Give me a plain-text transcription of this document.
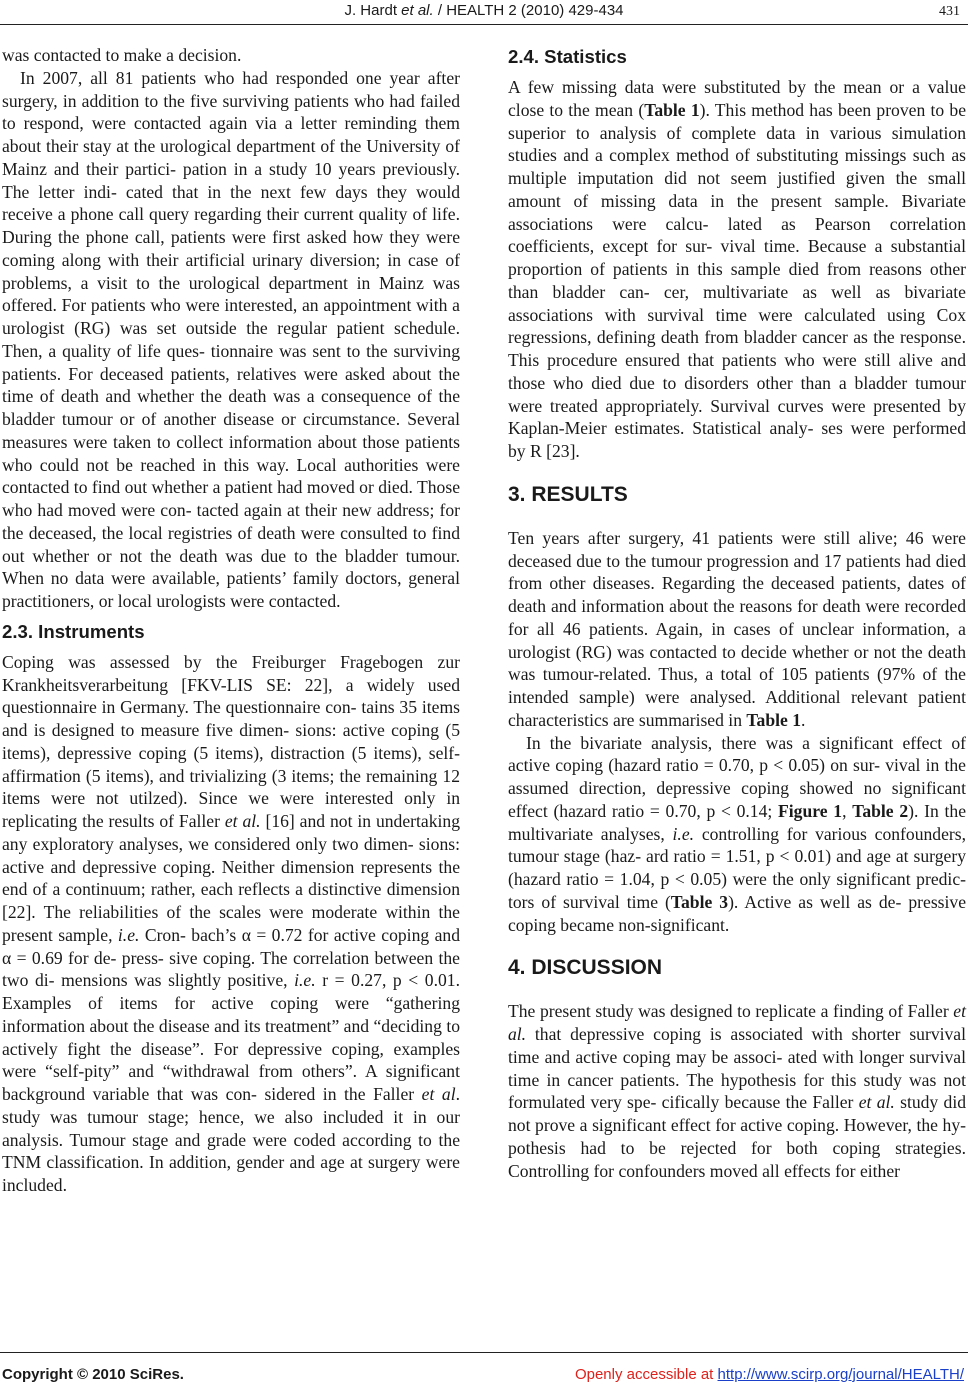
J. Hardt et al. / HEALTH 2 (2010) 429-434	431

was contacted to make a decision.

In 2007, all 81 patients who had responded one year after surgery, in addition to the five surviving patients who had failed to respond, were contacted again via a letter reminding them about their stay at the urological department of the University of Mainz and their partici- pation in a study 10 years previously. The letter indi- cated that in the next few days they would receive a phone call query regarding their current quality of life. During the phone call, patients were first asked how they were coming along with their artificial urinary diversion; in case of problems, a visit to the urological department in Mainz was offered. For patients who were interested, an appointment with a urologist (RG) was set outside the regular patient schedule. Then, a quality of life ques- tionnaire was sent to the surviving patients. For deceased patients, relatives were asked about the time of death and whether the death was a consequence of the bladder tumour or of another disease or circumstance. Several measures were taken to collect information about those patients who could not be reached in this way. Local authorities were contacted to find out whether a patient had moved or died. Those who had moved were con- tacted again at their new address; for the deceased, the local registries of death were consulted to find out whether or not the death was due to the bladder tumour. When no data were available, patients’ family doctors, general practitioners, or local urologists were contacted.

2.3. Instruments

Coping was assessed by the Freiburger Fragebogen zur Krankheitsverarbeitung [FKV-LIS SE: 22], a widely used questionnaire in Germany. The questionnaire con- tains 35 items and is designed to measure five dimen- sions: active coping (5 items), depressive coping (5 items), distraction (5 items), self-affirmation (5 items), and trivializing (3 items; the remaining 12 items were not utilzed). Since we were interested only in replicating the results of Faller et al. [16] and not in undertaking any exploratory analyses, we considered only two dimen- sions: active and depressive coping. Neither dimension represents the end of a continuum; rather, each reflects a distinctive dimension [22]. The reliabilities of the scales were moderate within the present sample, i.e. Cron- bach’s α = 0.72 for active coping and α = 0.69 for de- press- sive coping. The correlation between the two di- mensions was slightly positive, i.e. r = 0.27, p < 0.01. Examples of items for active coping were “gathering information about the disease and its treatment” and “deciding to actively fight the disease”. For depressive coping, examples were “self-pity” and “withdrawal from others”. A significant background variable that was con- sidered in the Faller et al. study was tumour stage; hence, we also included it in our analysis. Tumour stage and grade were coded according to the TNM classification. In addition, gender and age at surgery were included.

2.4. Statistics

A few missing data were substituted by the mean or a value close to the mean (Table 1). This method has been proven to be superior to analysis of complete data in various simulation studies and a complex method of substituting missings such as multiple imputation did not seem justified given the small amount of missing data in the present sample. Bivariate associations were calcu- lated as Pearson correlation coefficients, except for sur- vival time. Because a substantial proportion of patients in this sample died from reasons other than bladder can- cer, multivariate as well as bivariate associations with survival time were calculated using Cox regressions, defining death from bladder cancer as the response. This procedure ensured that patients who were still alive and those who died due to disorders other than a bladder tumour were treated appropriately. Survival curves were presented by Kaplan-Meier estimates. Statistical analy- ses were performed by R [23].

3. RESULTS

Ten years after surgery, 41 patients were still alive; 46 were deceased due to the tumour progression and 17 patients had died from other diseases. Regarding the deceased patients, dates of death and information about the reasons for death were recorded for all 46 patients. Again, in cases of unclear information, a urologist (RG) was contacted to decide whether or not the death was tumour-related. Thus, a total of 105 patients (97% of the intended sample) were analysed. Additional relevant patient characteristics are summarised in Table 1.

In the bivariate analysis, there was a significant effect of active coping (hazard ratio = 0.70, p < 0.05) on sur- vival in the assumed direction, depressive coping showed no significant effect (hazard ratio = 0.70, p < 0.14; Figure 1, Table 2). In the multivariate analyses, i.e. controlling for various confounders, tumour stage (haz- ard ratio = 1.51, p < 0.01) and age at surgery (hazard ratio = 1.04, p < 0.05) were the only significant predic- tors of survival time (Table 3). Active as well as de- pressive coping became non-significant.

4. DISCUSSION

The present study was designed to replicate a finding of Faller et al. that depressive coping is associated with shorter survival time and active coping may be associ- ated with longer survival time in cancer patients. The hypothesis for this study was not formulated very spe- cifically because the Faller et al. study did not prove a significant effect for active coping. However, the hy- pothesis had to be rejected for both coping strategies. Controlling for confounders moved all effects for either

Copyright © 2010 SciRes.	Openly accessible at http://www.scirp.org/journal/HEALTH/
